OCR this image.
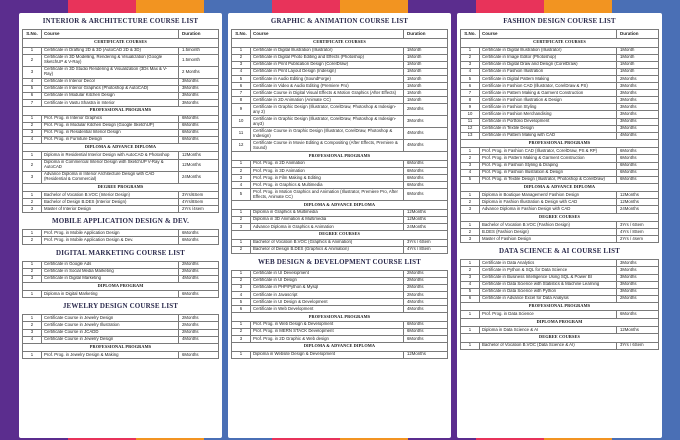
INTERIOR & ARCHITECTURE COURSE LIST
S.No.	Course	Duration
CERTIFICATE COURSES		
1	Certificate in Drafting 2D & 3D (AutoCAD 2D & 3D)	1.5month
2	Certificate in 3D Modelling, Rendering & Visualization (Google SketchUP & V-Ray)	1.5month
3	Certificate in 3D Studio Rendering & Visualization (3Ds Max & V-Ray)	2 Months
4	Certificate in Interior Decor	3Months
5	Certificate in Interior Graphics (Photoshop & AutoCAD)	3Months
6	Certificate in Modular Kitchen Design	3Months
7	Certificate in Vastu Shastra in Interior	3Months
PROFESSIONAL PROGRAMS		
1	Prof. Prog. in Interior Graphics	6Months
2	Prof. Prog. in Modular Kitchen Design (Google SketchUP)	6Months
3	Prof. Prog. in Residential Interior Design	6Months
4	Prof. Prog. in Furniture Design	6Months
DIPLOMA & ADVANCE DIPLOMA		
1	Diploma in Residential Interior Design with AutoCAD & Photoshop	12Months
2	Diploma in Commercial Interior Design with SketchUP V-Ray & AutoCAD	12Months
3	Advance Diploma in Interior Architecture Design with CAD (Residential & Commercial)	24Months
DEGREE PROGRAMS		
1	Bachelor of Vocation B.VOC (Interior Design)	3Yrs/6Sem
2	Bachelor of Design B.DES (Interior Design)	4Yrs/8Sem
3	Master of Interior Design	2Yrs /4sem
MOBILE APPLICATION DESIGN & DEV.
1	Prof. Prog. in Mobile Application Design	6Months
2	Prof. Prog. in Mobile Application Design & Dev.	6Months
DIGITAL MARKETING COURSE LIST
1	Certificate in Google Ads	2Months
2	Certificate in Social Media Marketing	2Months
3	Certificate in Digital Marketing	4Months
DIPLOMA PROGRAM		
1	Diploma in Digital Marketing	6Months
JEWELRY DESIGN COURSE LIST
1	Certificate Course in Jewelry Design	2Months
2	Certificate Course in Jewelry Illustration	2Months
3	Certificate Course in JCADD	2Months
4	Certificate Course in Jewelry Design	4Months
PROFESSIONAL PROGRAMS		
1	Prof. Prog. in Jewelry Design & Making	6Months
GRAPHIC & ANIMATION COURSE LIST
S.No.	Course	Duration
CERTIFICATE COURSES		
1	Certificate in Digital Illustration (Illustrator)	1Month
2	Certificate in Digital Photo Editing and Effects (Photoshop)	1Month
3	Certificate in Print Publication Design (CorelDraw)	1Month
4	Certificate in Print Layout Design (Indesign)	1Month
5	Certificate in Audio Editing (SoundForge)	1Month
6	Certificate in Video & Audio Editing (Premiere Pro)	1Month
7	Certificate Course in Digital Visual Effects & Motion Graphics (After Effects)	1Month
8	Certificate in 2D Animation (Animate CC)	1Month
9	Certificate in Graphic Design (Illustrator, CorelDraw, Photoshop & Indesign- any 2)	2Months
10	Certificate in Graphic Design (Illustrator, CorelDraw, Photoshop & Indesign- any3)	3Months
11	Certificate Course in Graphic Design (Illustrator, CorelDraw, Photoshop & Indesign)	4Months
12	Certificate Course in Movie Editing & Compositing (After Effects, Premiere & Sound)	4Months
PROFESSIONAL PROGRAMS		
1	Prof. Prog. in 2D Animation	6Months
2	Prof. Prog. in 3D Animation	6Months
3	Prof. Prog. in Film Making & Editing	6Months
4	Prof. Prog. in Graphics & Multimedia	6Months
5	Prof. Prog. in Motion Graphics and Animation (Illustrator, Premiere Pro, After Effects, Animate CC)	6Months
DIPLOMA & ADVANCE DIPLOMA		
1	Diploma in Graphics & Multimedia	12Months
2	Diploma in 3D Animation & Multimedia	12Months
3	Advance Diploma in Graphics & Animation	24Months
DEGREE COURSES		
1	Bachelor of Vocation B.VOC (Graphics & Animation)	3Yrs / 6Sem
2	Bachelor of Design B.DES (Graphics & Animation)	4Yrs / 8Sem
WEB DESIGN & DEVELOPMENT COURSE LIST
1	Certificate in UI Development	2Months
2	Certificate in UI Design	2Months
3	Certificate in PHP/Python & Mysql	2Months
4	Certificate in Javascript	2Months
5	Certificate in UI Design & Development	4Months
6	Certificate in Web Development	4Months
PROFESSIONAL PROGRAMS		
1	Prof. Prog. in Web Design & Development	6Months
2	Prof. Prog. in MERN STACK Development	6Months
3	Prof. Prog. in 2D Graphic & Web design	6Months
DIPLOMA & ADVANCE DIPLOMA		
1	Diploma in Website Design & Development	12Months
FASHION DESIGN COURSE LIST
S.No.	Course	Duration
CERTIFICATE COURSES		
1	Certificate in Digital Illustration (Illustrator)	1Month
2	Certificate in Image Editor (Photoshop)	1Month
3	Certificate in Digital Draw and Design (CorelDraw)	1Month
4	Certificate in Fashion Illustration	1Month
5	Certificate in Digital Pattern Making	2Months
6	Certificate in Fashion CAD (Illustrator, CorelDraw & PS)	3Months
7	Certificate in Pattern Making & Garment Construction	3Months
8	Certificate in Fashion Illustration & Design	3Months
9	Certificate in Fashion Styling	3Months
10	Certificate in Fashion Merchandising	3Months
11	Certificate in Portfolio Development	3Months
12	Certificate in Textile Design	3Months
13	Certificate in Pattern Making with CAD	4Months
PROFESSIONAL PROGRAMS		
1	Prof. Prog. in Fashion CAD (Illustrator, CorelDraw, PS & RP)	6Months
2	Prof. Prog. in Pattern Making & Garment Construction	6Months
3	Prof. Prog. in Fashion Styling & Draping	6Months
4	Prof. Prog. in Fashion Illustration & Design	6Months
5	Prof. Prog. in Textile Design (Illustrator, Photoshop & CorelDraw)	6Months
DIPLOMA & ADVANCE DIPLOMA		
1	Diploma in Boutique Management/ Fashion Design	12Months
2	Diploma in Fashion Illustration & Design with CAD	12Months
3	Advance Diploma in Fashion Design with CAD	24Months
DEGREE COURSES		
1	Bachelor of Vocation B.VOC (Fashion Design)	3Yrs / 6Sem
2	B.DES (Fashion Design)	4Yrs / 8Sem
3	Master of Fashion Design	2Yrs / 4sem
DATA SCIENCE & AI COURSE LIST
1	Certificate in Data Analytics	3Months
2	Certificate in Python & SQL for Data Science	3Months
3	Certificate in Business Intelligence Using SQL & Power BI	3Months
4	Certificate in Data Science with Statistics & Machine Learning	3Months
5	Certificate in Data Science with Python	3Months
6	Certificate in Advance Excel for Data Analysis	2Months
PROFESSIONAL PROGRAMS		
1	Prof. Prog. in Data Science	6Months
DIPLOMA PROGRAM		
1	Diploma in Data Science & AI	12Months
DEGREE COURSES		
1	Bachelor of Vocation B.VOC (Data Science & AI)	3Yrs / 6Sem
